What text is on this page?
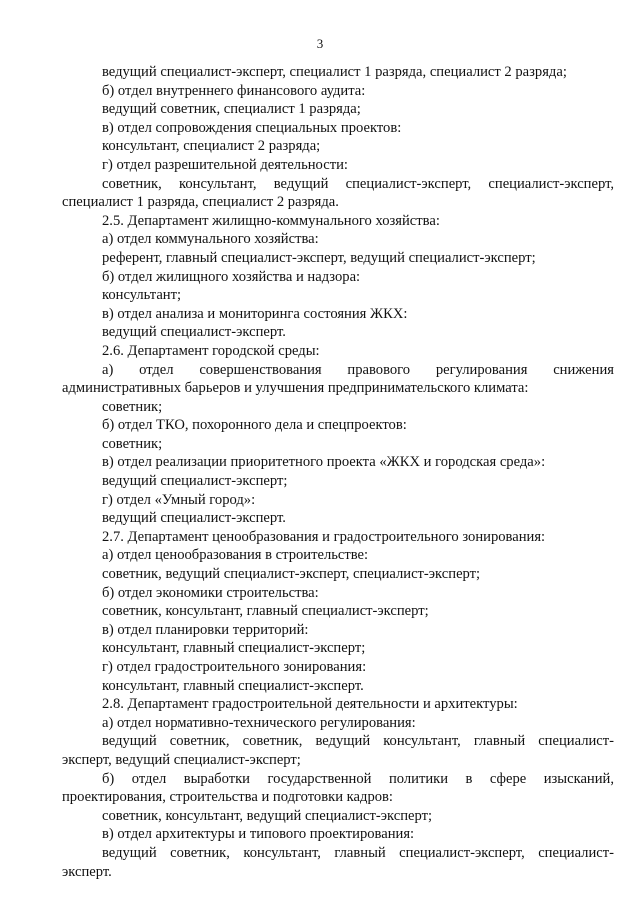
3
ведущий специалист-эксперт, специалист 1 разряда, специалист 2 разряда;
б) отдел внутреннего финансового аудита:
ведущий советник, специалист 1 разряда;
в) отдел сопровождения специальных проектов:
консультант, специалист 2 разряда;
г) отдел разрешительной деятельности:
советник, консультант, ведущий специалист-эксперт, специалист-эксперт,
специалист 1 разряда, специалист 2 разряда.
2.5. Департамент жилищно-коммунального хозяйства:
а) отдел коммунального хозяйства:
референт, главный специалист-эксперт, ведущий специалист-эксперт;
б) отдел жилищного хозяйства и надзора:
консультант;
в) отдел анализа и мониторинга состояния ЖКХ:
ведущий специалист-эксперт.
2.6. Департамент городской среды:
а) отдел совершенствования правового регулирования снижения
административных барьеров и улучшения предпринимательского климата:
советник;
б) отдел ТКО, похоронного дела и спецпроектов:
советник;
в) отдел реализации приоритетного проекта «ЖКХ и городская среда»:
ведущий специалист-эксперт;
г) отдел «Умный город»:
ведущий специалист-эксперт.
2.7. Департамент ценообразования и градостроительного зонирования:
а) отдел ценообразования в строительстве:
советник, ведущий специалист-эксперт, специалист-эксперт;
б) отдел экономики строительства:
советник, консультант, главный специалист-эксперт;
в) отдел планировки территорий:
консультант, главный специалист-эксперт;
г) отдел градостроительного зонирования:
консультант, главный специалист-эксперт.
2.8. Департамент градостроительной деятельности и архитектуры:
а) отдел нормативно-технического регулирования:
ведущий советник, советник, ведущий консультант, главный специалист-
эксперт, ведущий специалист-эксперт;
б) отдел выработки государственной политики в сфере изысканий,
проектирования, строительства и подготовки кадров:
советник, консультант, ведущий специалист-эксперт;
в) отдел архитектуры и типового проектирования:
ведущий советник, консультант, главный специалист-эксперт, специалист-
эксперт.
